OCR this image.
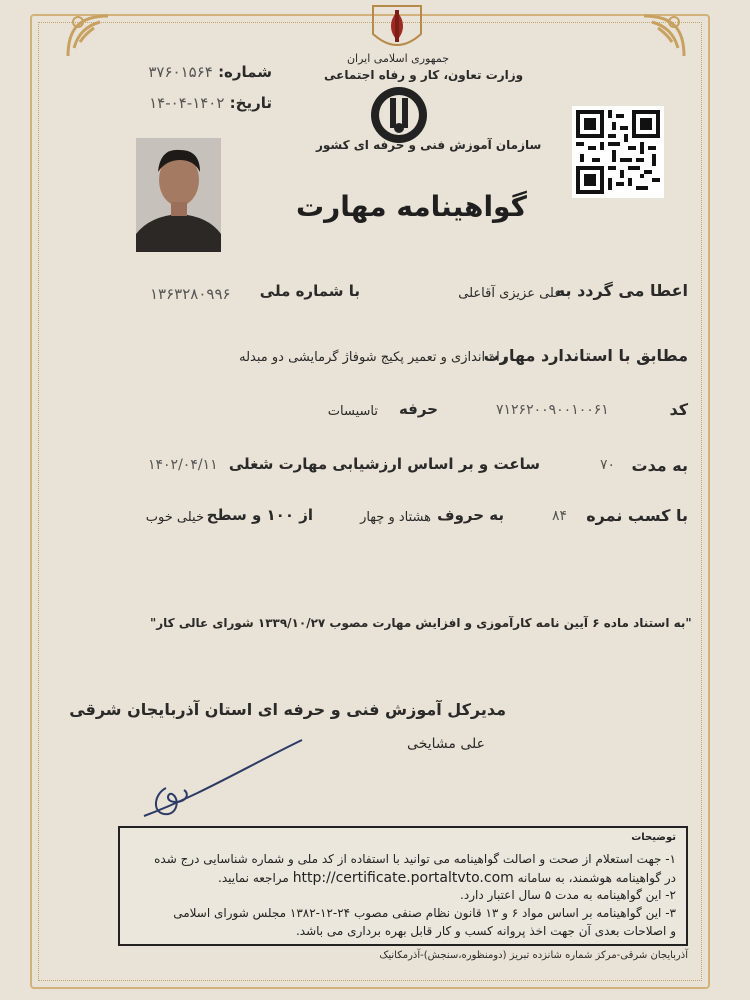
شماره: ۳۷۶۰۱۵۶۴
تاریخ: ۱۴۰۲-۰۴-۱۴
جمهوری اسلامی ایران
وزارت تعاون، کار و رفاه اجتماعی
سازمان آموزش فنی و حرفه ای کشور
گواهینامه مهارت
اعطا می گردد به
علی عزیزی آقاعلی
با شماره ملی
۱۳۶۳۲۸۰۹۹۶
مطابق با استاندارد مهارت
راه اندازی و تعمیر پکیج شوفاژ گرمایشی دو مبدله
کد
۷۱۲۶۲۰۰۹۰۰۱۰۰۶۱
حرفه
تاسیسات
به مدت
۷۰
ساعت و بر اساس ارزشیابی مهارت شغلی
۱۴۰۲/۰۴/۱۱
با کسب نمره
۸۴
به حروف
هشتاد و چهار
از ۱۰۰ و سطح
خیلی خوب
"به استناد ماده ۶ آیین نامه کارآموزی و افزایش مهارت مصوب ۱۳۳۹/۱۰/۲۷ شورای عالی کار"
مدیرکل آموزش فنی و حرفه ای استان آذربایجان شرقی
علی مشایخی
توضیحات
۱- جهت استعلام از صحت و اصالت گواهینامه می توانید با استفاده از کد ملی و شماره شناسایی درج شده
در گواهینامه هوشمند، به سامانه http://certificate.portaltvto.com مراجعه نمایید.
۲- این گواهینامه به مدت ۵ سال اعتبار دارد.
۳- این گواهینامه بر اساس مواد ۶ و ۱۳ قانون نظام صنفی مصوب ۲۴-۱۲-۱۳۸۲ مجلس شورای اسلامی
و اصلاحات بعدی آن جهت اخذ پروانه کسب و کار قابل بهره برداری می باشد.
آذربایجان شرقی-مرکز شماره شانزده تبریز (دومنظوره،سنجش)-آذرمکانیک
